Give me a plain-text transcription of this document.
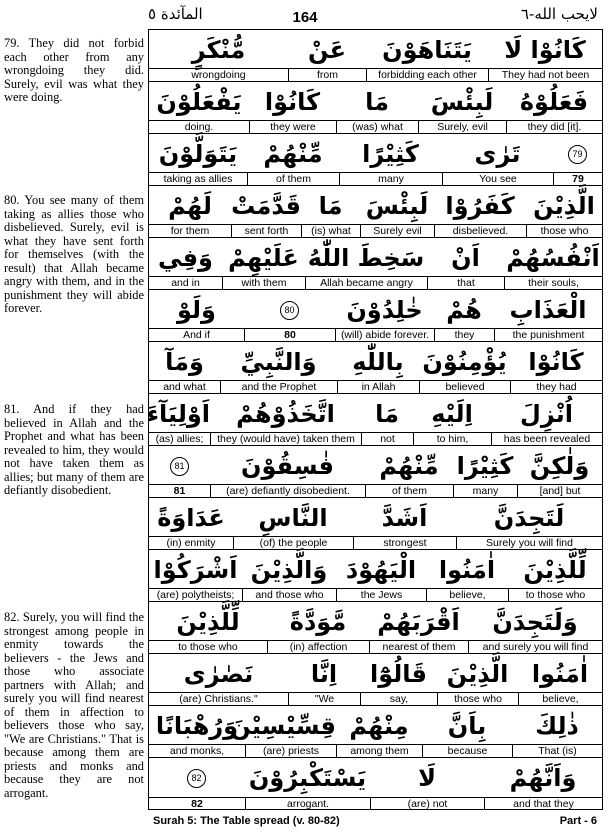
لايحب الله-٦
164
المآئدة ٥
79. They did not forbid each other from any wrongdoing they did. Surely, evil was what they were doing.
80. You see many of them taking as allies those who disbelieved. Surely, evil is what they have sent forth for themselves (with the result) that Allah became angry with them, and in the punishment they will abide forever.
81. And if they had believed in Allah and the Prophet and what has been revealed to him, they would not have taken them as allies; but many of them are defiantly disobedient.
82. Surely, you will find the strongest among people in enmity towards the believers - the Jews and those who associate partners with Allah; and surely you will find nearest of them in affection to believers those who say, "We are Christians." That is because among them are priests and monks and because they are not arrogant.
كَانُوْا لَا
They had not been
يَتَنَاهَوْنَ
forbidding each other
عَنْ
from
مُّنْكَرٍ
wrongdoing
فَعَلُوْهُ
they did [it].
لَبِئْسَ
Surely, evil
مَا
(was) what
كَانُوْا
they were
يَفْعَلُوْنَ
doing.
79
79
تَرٰى
You see
كَثِيْرًا
many
مِّنْهُمْ
of them
يَتَوَلَّوْنَ
taking as allies
الَّذِيْنَ
those who
كَفَرُوْا
disbelieved.
لَبِئْسَ
Surely evil
مَا
(is) what
قَدَّمَتْ
sent forth
لَهُمْ
for them
اَنْفُسُهُمْ
their souls,
اَنْ
that
سَخِطَ اللّٰهُ
Allah became angry
عَلَيْهِمْ
with them
وَفِي
and in
الْعَذَابِ
the punishment
هُمْ
they
خٰلِدُوْنَ
(will) abide forever.
80
80
وَلَوْ
And if
كَانُوْا
they had
يُؤْمِنُوْنَ
believed
بِاللّٰهِ
in Allah
وَالنَّبِيِّ
and the Prophet
وَمَآ
and what
اُنْزِلَ
has been revealed
اِلَيْهِ
to him,
مَا
not
اتَّخَذُوْهُمْ
they (would have) taken them
اَوْلِيَآءَ
(as) allies;
وَلٰكِنَّ
[and] but
كَثِيْرًا
many
مِّنْهُمْ
of them
فٰسِقُوْنَ
(are) defiantly disobedient.
81
81
لَتَجِدَنَّ
Surely you will find
اَشَدَّ
strongest
النَّاسِ
(of) the people
عَدَاوَةً
(in) enmity
لِّلَّذِيْنَ
to those who
اٰمَنُوا
believe,
الْيَهُوْدَ
the Jews
وَالَّذِيْنَ
and those who
اَشْرَكُوْا
(are) polytheists;
وَلَتَجِدَنَّ
and surely you will find
اَقْرَبَهُمْ
nearest of them
مَّوَدَّةً
(in) affection
لِّلَّذِيْنَ
to those who
اٰمَنُوا
believe,
الَّذِيْنَ
those who
قَالُوْٓا
say,
اِنَّا
"We
نَصٰرٰى
(are) Christians."
ذٰلِكَ
That (is)
بِاَنَّ
because
مِنْهُمْ
among them
قِسِّيْسِيْنَ
(are) priests
وَرُهْبَانًا
and monks,
وَاَنَّهُمْ
and that they
لَا
(are) not
يَسْتَكْبِرُوْنَ
arrogant.
82
82
Surah 5: The Table spread (v. 80-82)	Part - 6
